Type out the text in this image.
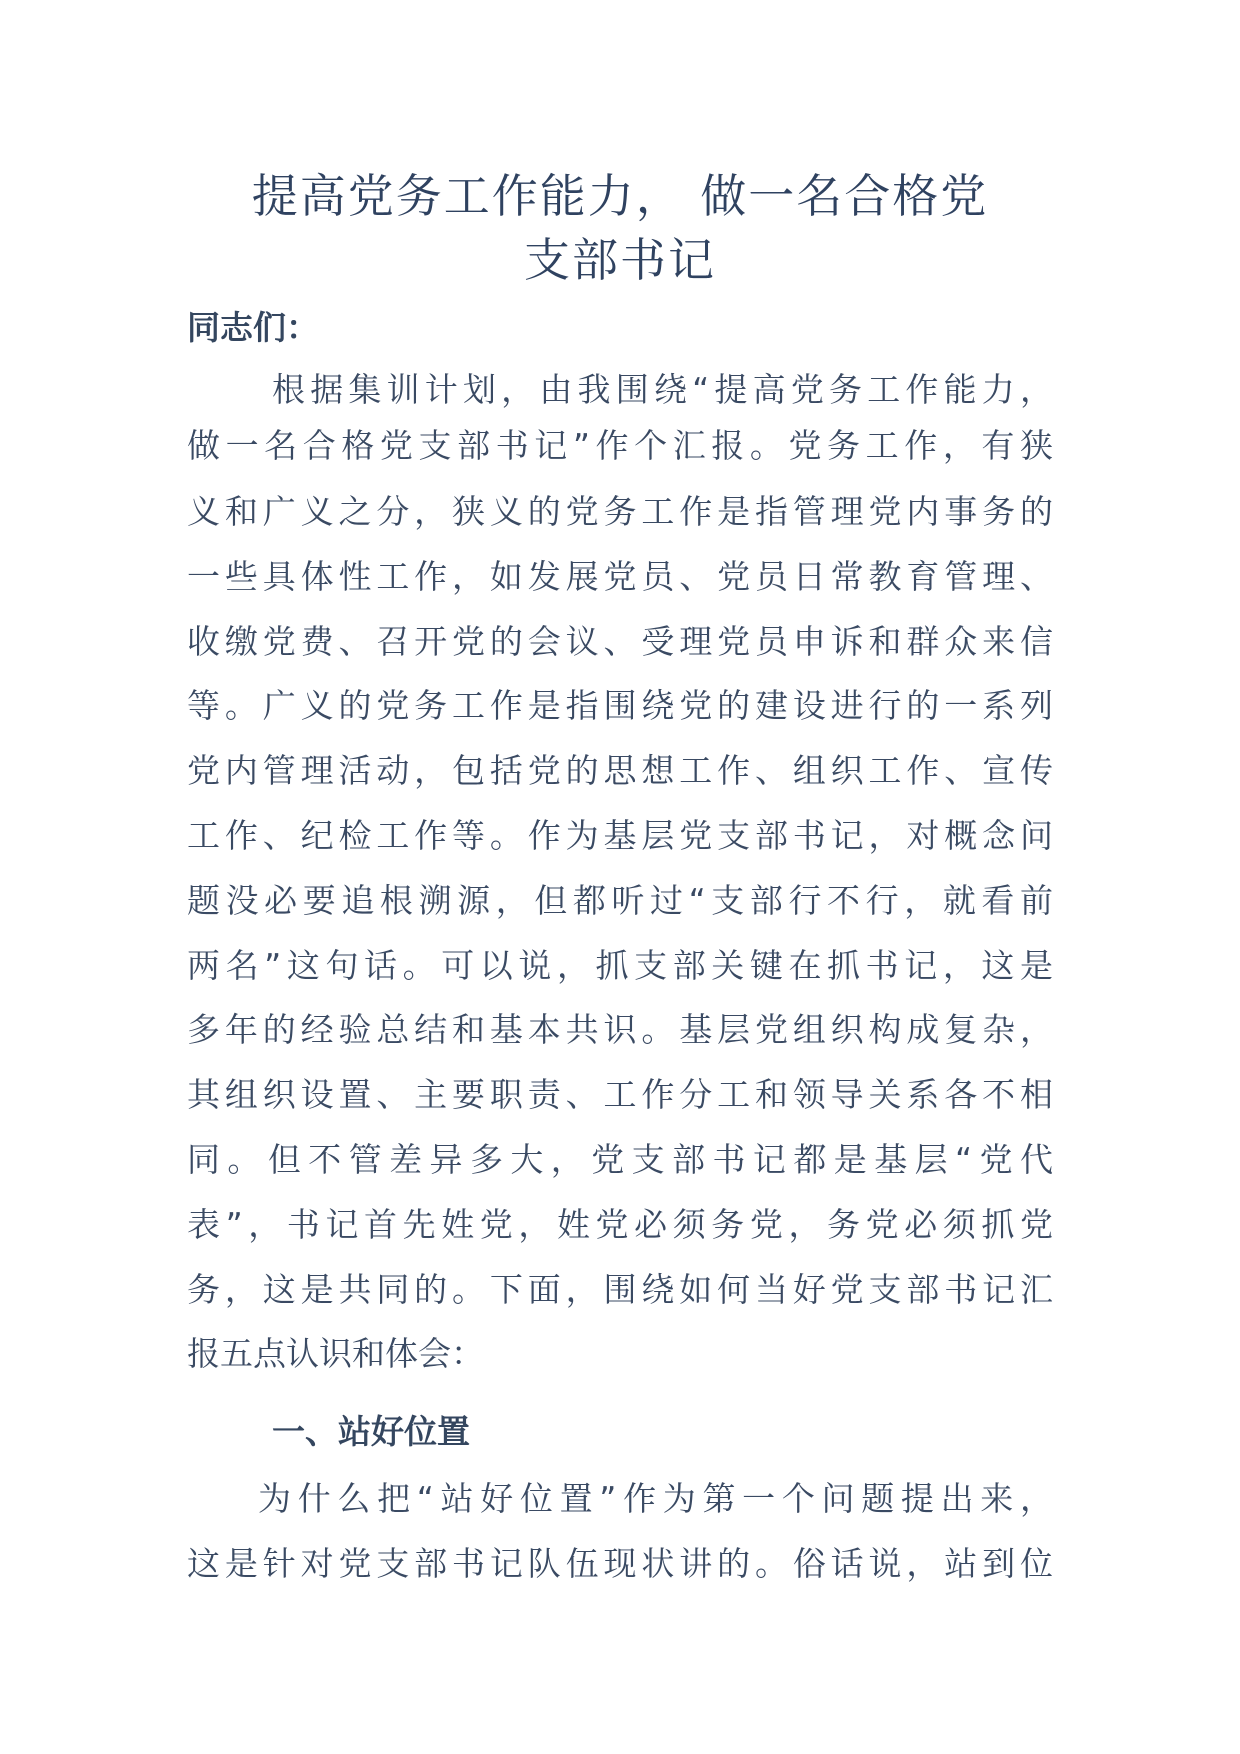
提高党务工作能力， 做一名合格党
支部书记
同志们：
根据集训计划，由我围绕“提高党务工作能力，
做一名合格党支部书记”作个汇报。党务工作，有狭
义和广义之分，狭义的党务工作是指管理党内事务的
一些具体性工作，如发展党员、党员日常教育管理、
收缴党费、召开党的会议、受理党员申诉和群众来信
等。广义的党务工作是指围绕党的建设进行的一系列
党内管理活动，包括党的思想工作、组织工作、宣传
工作、纪检工作等。作为基层党支部书记，对概念问
题没必要追根溯源，但都听过“支部行不行，就看前
两名”这句话。可以说，抓支部关键在抓书记，这是
多年的经验总结和基本共识。基层党组织构成复杂，
其组织设置、主要职责、工作分工和领导关系各不相
同。但不管差异多大，党支部书记都是基层“党代
表”，书记首先姓党，姓党必须务党，务党必须抓党
务，这是共同的。下面，围绕如何当好党支部书记汇
报五点认识和体会：
一、站好位置
为什么把“站好位置”作为第一个问题提出来，
这是针对党支部书记队伍现状讲的。俗话说，站到位
